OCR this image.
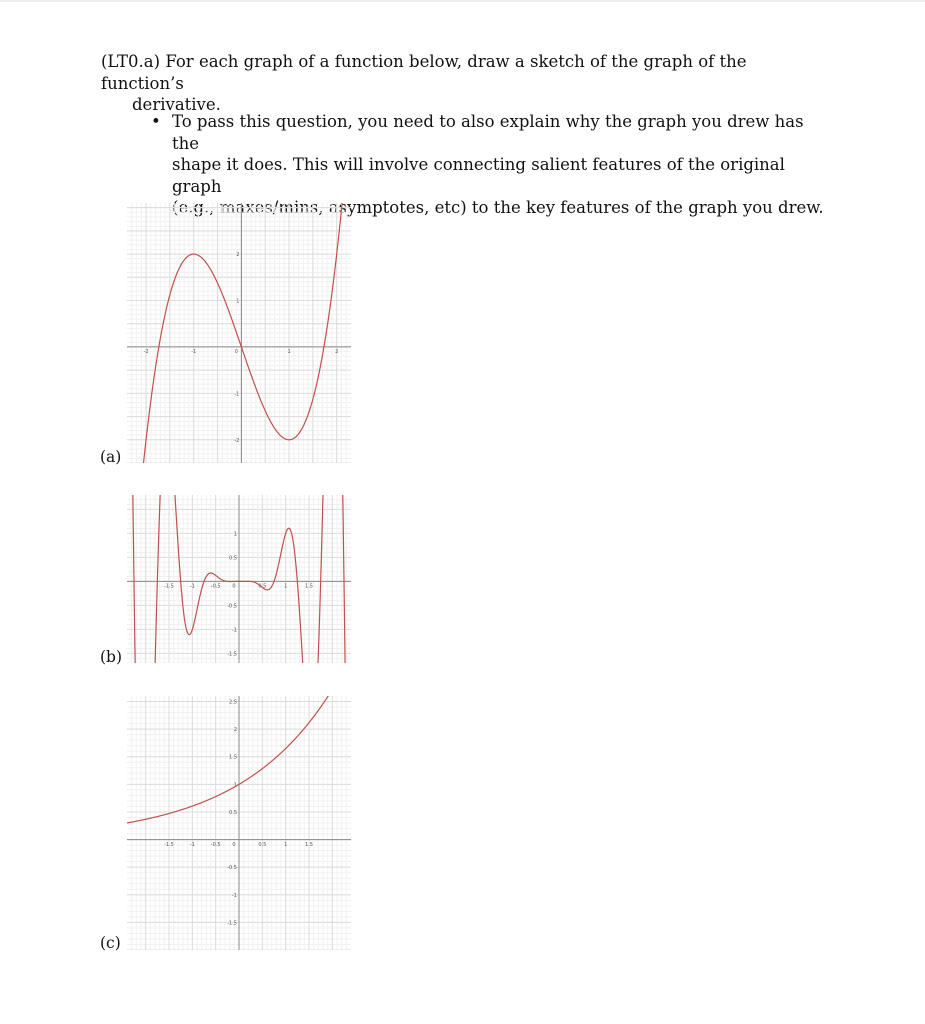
(LT0.a) For each graph of a function below, draw a sketch of the graph of the function’s
derivative.
• To pass this question, you need to also explain why the graph you drew has the
shape it does. This will involve connecting salient features of the original graph
(e.g., maxes/mins, asymptotes, etc) to the key features of the graph you drew.
(a)
-2	-1	0	1	2
2
1
-1
-2
(b)
-1.5	-1	-0.5 0	0.5	1	1.5
1
0.5
-0.5
-1
-1.5
(c)
-1.5	-1	-0.5 0	0.5	1	1.5
2.5
2
1.5
1
0.5
-0.5
-1
-1.5
